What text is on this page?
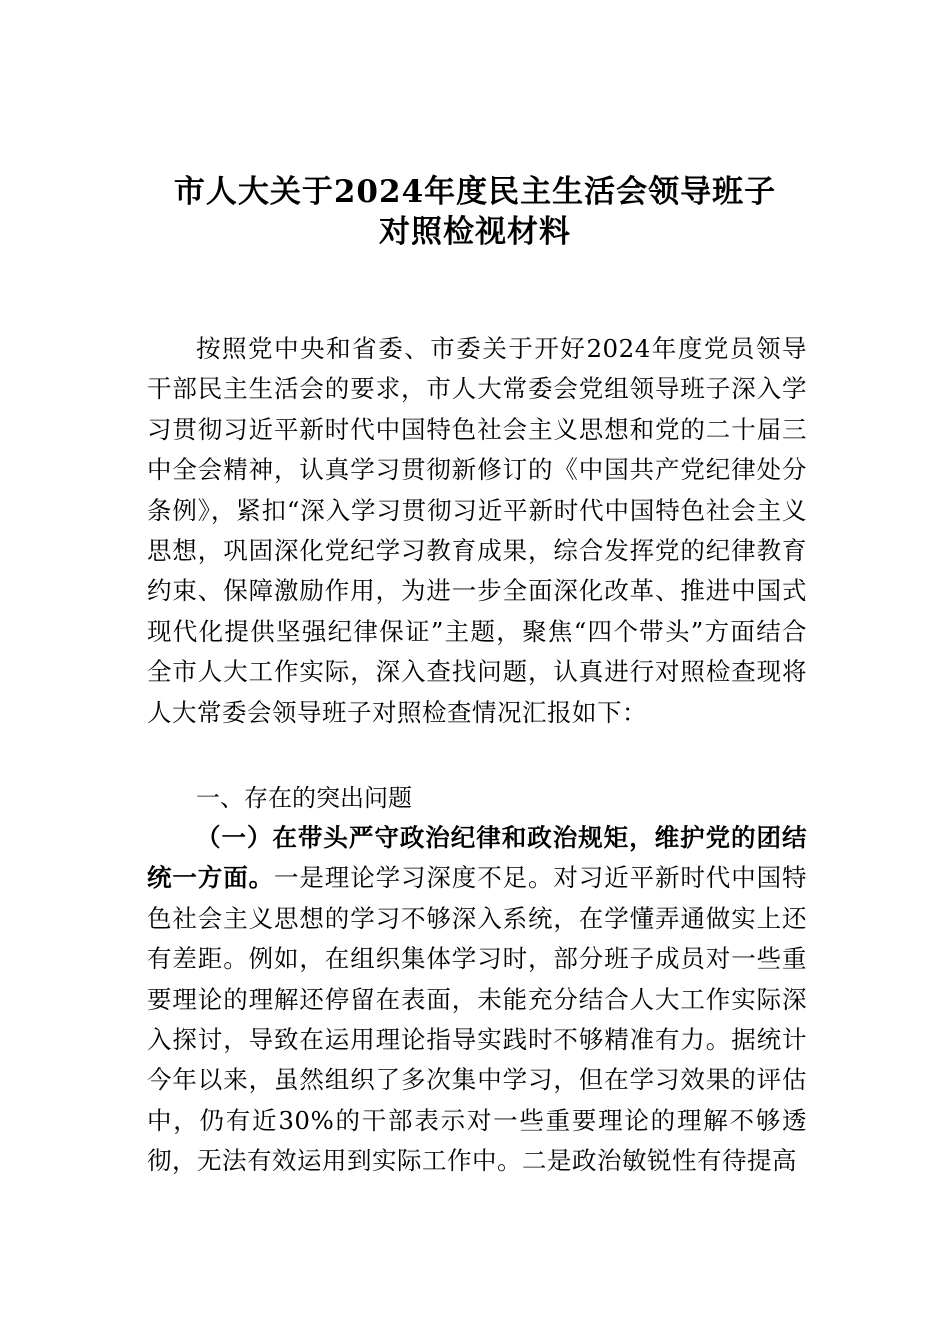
市人大关于2024年度民主生活会领导班子
对照检视材料

按照党中央和省委、市委关于开好2024年度党员领导干部民主生活会的要求，市人大常委会党组领导班子深入学习贯彻习近平新时代中国特色社会主义思想和党的二十届三中全会精神，认真学习贯彻新修订的《中国共产党纪律处分条例》，紧扣“深入学习贯彻习近平新时代中国特色社会主义思想，巩固深化党纪学习教育成果，综合发挥党的纪律教育约束、保障激励作用，为进一步全面深化改革、推进中国式现代化提供坚强纪律保证”主题，聚焦“四个带头”方面结合全市人大工作实际，深入查找问题，认真进行对照检查现将人大常委会领导班子对照检查情况汇报如下：

一、存在的突出问题

（一）在带头严守政治纪律和政治规矩，维护党的团结统一方面。一是理论学习深度不足。对习近平新时代中国特色社会主义思想的学习不够深入系统，在学懂弄通做实上还有差距。例如，在组织集体学习时，部分班子成员对一些重要理论的理解还停留在表面，未能充分结合人大工作实际深入探讨，导致在运用理论指导实践时不够精准有力。据统计今年以来，虽然组织了多次集中学习，但在学习效果的评估中，仍有近30%的干部表示对一些重要理论的理解不够透彻，无法有效运用到实际工作中。二是政治敏锐性有待提高
